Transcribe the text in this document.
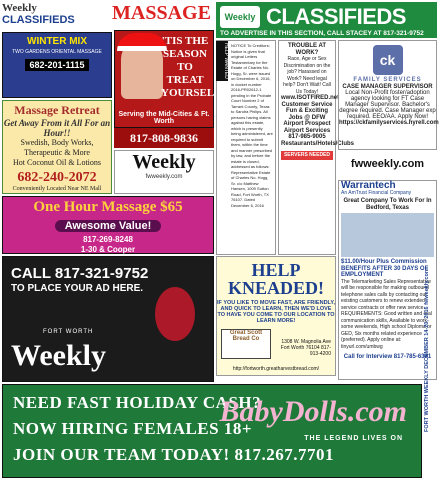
Weekly
CLASSIFIEDS	MASSAGE	Weekly CLASSIFIEDS
TO ADVERTISE IN THIS SECTION, CALL STACEY AT 817-321-9752
WINTER MIX
TWO GARDENS ORIENTAL MASSAGE
682-201-1115
Massage Retreat
Get Away From it All For an Hour!!
Swedish, Body Works,
Therapeutic & More
Hot Coconut Oil & Lotions
682-240-2072
Conveniently Located Near NE Mall
'TIS THE SEASON TO TREAT YOURSELF
Serving the Mid-Cities & Ft. Worth
817-808-9836
Weekly
fwweekly.com
One Hour Massage $65
Awesome Value!
817-269-8248
1-30 & Cooper
CALL 817-321-9752
TO PLACE YOUR AD HERE.
FORT WORTH
Weekly
HELP WANTED NOTICE To Creditors: Notice is given that original Letters Testamentary for the Estate of Charles No. Hogg, Sr. were issued on December 6, 2016, in docket number 2016-PR02612-1 pending in the Probate Court Number 2 of Tarrant County, Texas to Sandra Philips. All persons having claims against this estate, which is presently being administered, are required to submit them, within the time and manner prescribed by law, and before the estate is closed, addressed as follows: Representative Estate of Charles No. Hogg, Sr. c/o Matthew Hansen, 1009 Sutton Road, Fort Worth, TX 76107. Dated December 6, 2016
TROUBLE AT WORK?
Race, Age or Sex Discrimination on the job? Harassed on Work? Need legal help? Don't Wait! Call Us Today!
www.ISOTFIRED.net
Customer Service
Fun & Exciting Jobs @ DFW Airport Prospect Airport Services
817-985-9005
Restaurants/Hotels/Clubs
SERVERS NEEDED
ck
FAMILY SERVICES
CASE MANAGER SUPERVISOR
Local Non-Profit foster/adoption agency looking for FT Case Manager Supervisor. Bachelor's degree required. Case Manager exp required. EEO/AA. Apply Now!
https://ckfamilyservices.hyrell.com
fwweekly.com
Warrantech
An AmTrust Financial Company
Great Company To Work For In Bedford, Texas
$11.00/Hour Plus Commission BENEFITS AFTER 30 DAYS OF EMPLOYMENT
The Telemarketing Sales Representative will be responsible for making outbound telephone sales calls by contacting our existing customers to renew extended service contracts or offer new service. REQUIREMENTS: Good written and oral communication skills, Available to work some weekends, High school Diploma or GED, Six months related experience (preferred). Apply online at: tinyurl.com/umbwg
Call for Interview 817-785-6381
HELP KNEADED!
IF YOU LIKE TO MOVE FAST, ARE FRIENDLY, AND QUICK TO LEARN, THEN WE'D LOVE TO HAVE YOU COME TO OUR LOCATION TO LEARN MORE!
Great Scott Bread Co	1308 W. Magnolia Ave Fort Worth 76104 817-913-4200
http://fortworth.greatharvestbread.com/	FORT WORTH WEEKLY DECEMBER 14-20, 2016 fwweekly.com
NEED FAST HOLIDAY CASH?
NOW HIRING FEMALES 18+
JOIN OUR TEAM TODAY! 817.267.7701
BabyDolls.com
THE LEGEND LIVES ON
